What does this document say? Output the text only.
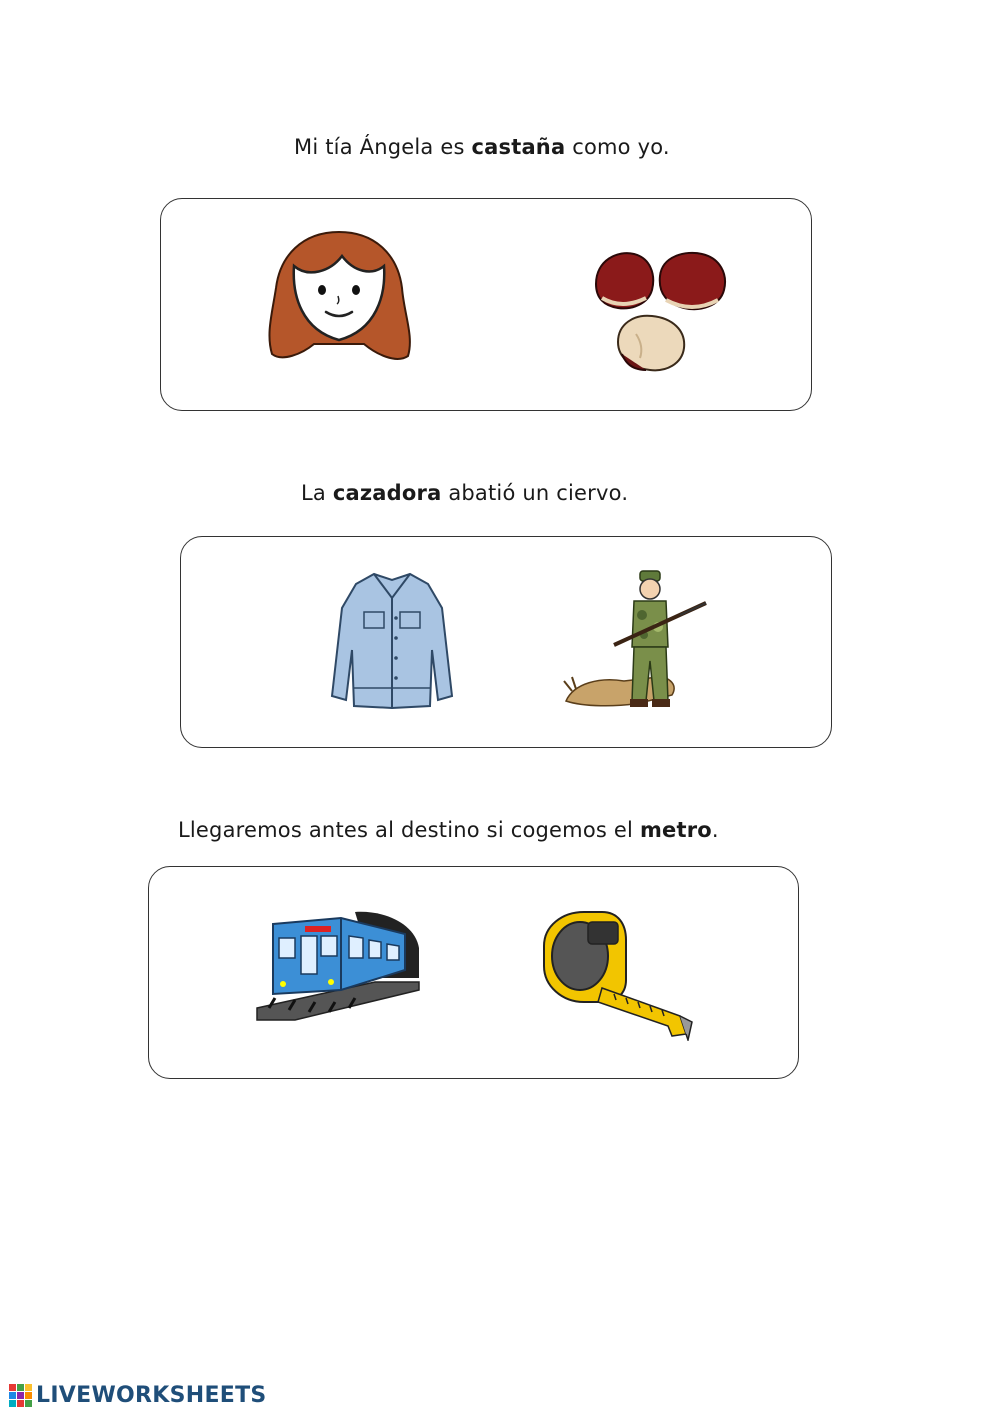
Mi tía Ángela es castaña como yo.
La cazadora abatió un ciervo.
Llegaremos antes al destino si cogemos el metro.
LIVEWORKSHEETS
